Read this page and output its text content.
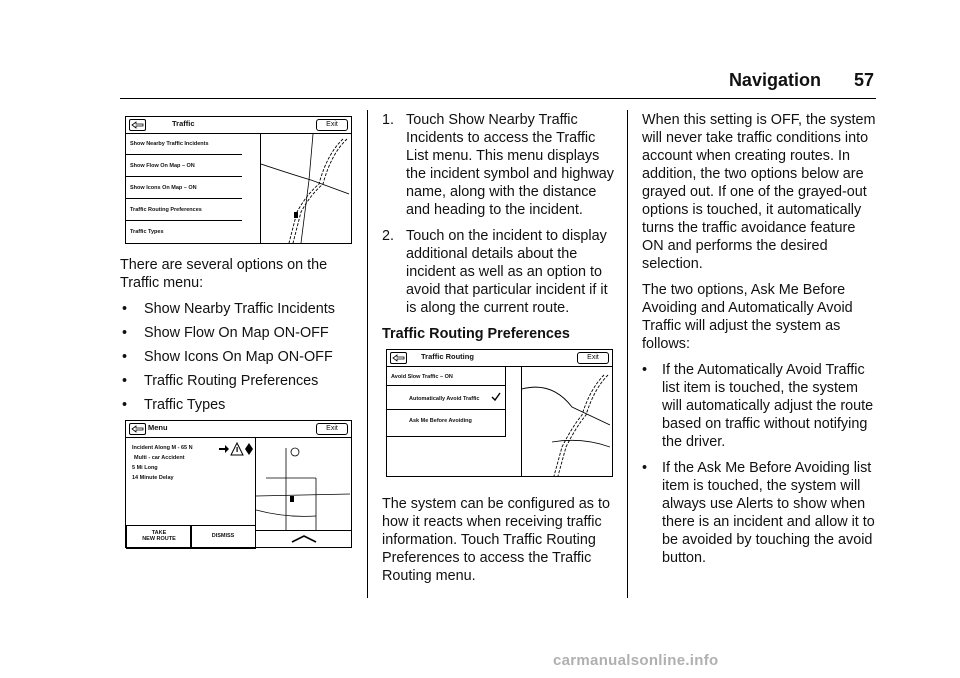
Navigation 57
Traffic	Exit
Show Nearby Traffic Incidents
Show Flow On Map – ON
Show Icons On Map – ON
Traffic Routing Preferences
Traffic Types

There are several options on the Traffic menu:

• Show Nearby Traffic Incidents
• Show Flow On Map ON-OFF
• Show Icons On Map ON-OFF
• Traffic Routing Preferences
• Traffic Types
Menu	Exit
Incident Along M - 65 N
Multi - car Accident
5 Mi Long
14 Minute Delay
TAKE
NEW ROUTE	DISMISS
1. Touch Show Nearby Traffic Incidents to access the Traffic List menu. This menu displays the incident symbol and highway name, along with the distance and heading to the incident.
2. Touch on the incident to display additional details about the incident as well as an option to avoid that particular incident if it is along the current route.
Traffic Routing Preferences

The system can be configured as to how it reacts when receiving traffic information. Touch Traffic Routing Preferences to access the Traffic Routing menu.

Traffic Routing	Exit
Avoid Slow Traffic – ON
Automatically Avoid Traffic
Ask Me Before Avoiding

When this setting is OFF, the system will never take traffic conditions into account when creating routes. In addition, the two options below are grayed out. If one of the grayed-out options is touched, it automatically turns the traffic avoidance feature ON and performs the desired selection.

The two options, Ask Me Before Avoiding and Automatically Avoid Traffic will adjust the system as follows:

• If the Automatically Avoid Traffic list item is touched, the system will automatically adjust the route based on traffic without notifying the driver.
• If the Ask Me Before Avoiding list item is touched, the system will always use Alerts to show when there is an incident and allow it to be avoided by touching the avoid button.
carmanualsonline.info
